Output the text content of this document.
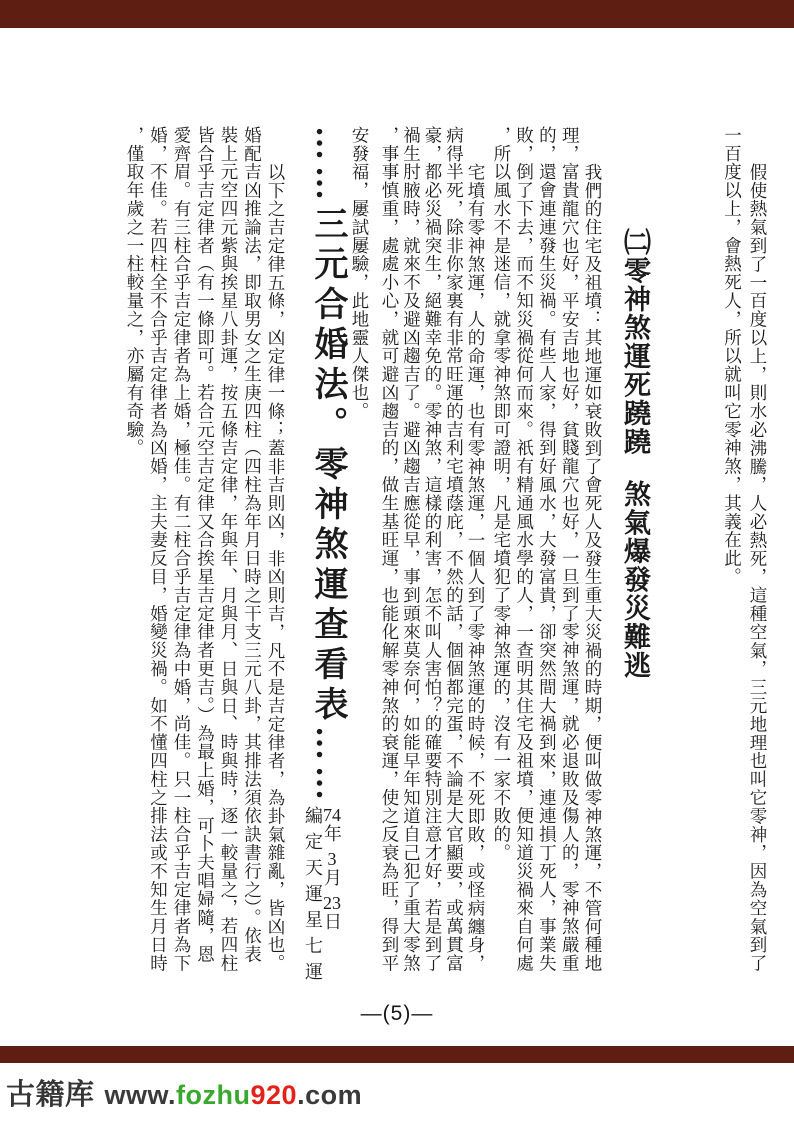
假使熱氣到了一百度以上，則水必沸騰，人必熱死，這種空氣，三元地理也叫它零神，因為空氣到了
一百度以上，會熱死人，所以就叫它零神煞，其義在此。
㈡零神煞運死蹺蹺煞氣爆發災難逃
我們的住宅及祖墳：其地運如衰敗到了會死人及發生重大災禍的時期，便叫做零神煞運，不管何種地
理，富貴龍穴也好，平安吉地也好，貧賤龍穴也好，一旦到了零神煞運，就必退敗及傷人的，零神煞嚴重
的，還會連連發生災禍。有些人家，得到好風水，大發富貴，卻突然間大禍到來，連連損丁死人，事業失
敗，倒了下去，而不知災禍從何而來。祇有精通風水學的人，一查明其住宅及祖墳，便知道災禍來自何處
，所以風水不是迷信，就拿零神煞即可證明，凡是宅墳犯了零神煞運的，沒有一家不敗的。
宅墳有零神煞運，人的命運，也有零神煞運，一個人到了零神煞運的時候，不死即敗，或怪病纏身，
病得半死，除非你家裏有非常旺運的吉利宅墳蔭庇，不然的話，個個都完蛋，不論是大官顯要，或萬貫富
豪，都必災禍突生，絕難幸免的。零神煞，這樣的利害，怎不叫人害怕？的確要特別注意才好，若是到了
禍生肘腋時，就來不及避凶趨吉了。避凶趨吉應從早，事到頭來莫奈何，如能早年知道自己犯了重大零煞
，事事慎重，處處小心，就可避凶趨吉的，做生基旺運，也能化解零神煞的衰運，使之反衰為旺，得到平
安發福，屢試屢驗，此地靈人傑也。
……三元合婚法。零神煞運查看表……
74年3月23日
編定天運星七運
以下之吉定律五條，凶定律一條；蓋非吉則凶，非凶則吉，凡不是吉定律者，為卦氣雜亂，皆凶也。
婚配吉凶推論法，即取男女之生庚四柱（四柱為年月日時之干支三元八卦，其排法須依訣書行之）。依表
裝上元空四元紫與挨星八卦運，按五條吉定律，年與年、月與月、日與日、時與時，逐一較量之，若四柱
皆合乎吉定律者（有一條即可。若合元空吉定律又合挨星吉定律者更吉。）為最上婚，可卜夫唱婦隨，恩
愛齊眉。有三柱合乎吉定律者為上婚，極佳。有二柱合乎吉定律為中婚，尚佳。只一柱合乎吉定律者為下
婚，不佳。若四柱全不合乎吉定律者為凶婚，主夫妻反目，婚變災禍。如不懂四柱之排法或不知生月日時
，僅取年歲之一柱較量之，亦屬有奇驗。
—(5)—
古籍库 www.fozhu920.com
